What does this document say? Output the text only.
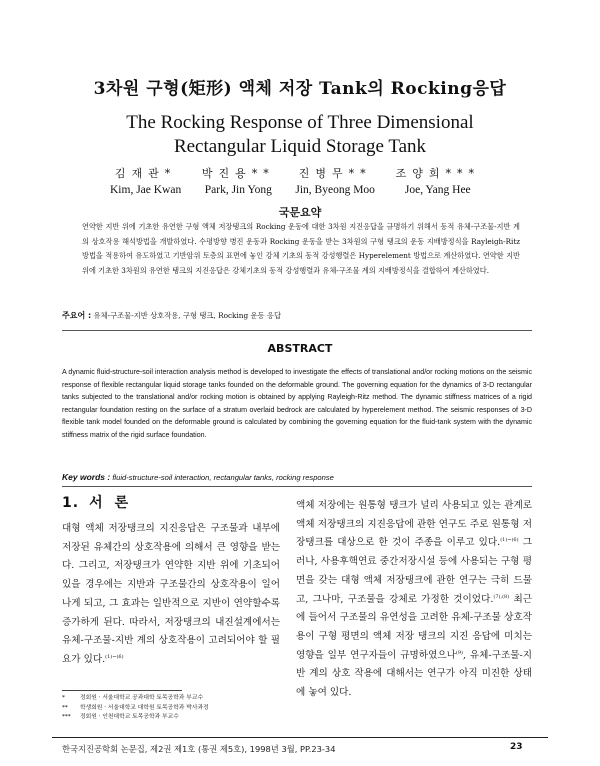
3차원 구형(矩形) 액체 저장 Tank의 Rocking응답
The Rocking Response of Three Dimensional
Rectangular Liquid Storage Tank
김재관*
Kim, Jae Kwan
박진용**
Park, Jin Yong
진병무**
Jin, Byeong Moo
조양희***
Joe, Yang Hee
국문요약
연약한 지반 위에 기초한 유연한 구형 액체 저장탱크의 Rocking 운동에 대한 3차원 지진응답을 규명하기 위해서 동적 유체-구조물-지반 계의 상호작용 해석방법을 개발하였다. 수평방향 병진 운동과 Rocking 운동을 받는 3차원의 구형 탱크의 운동 지배방정식을 Rayleigh-Ritz 방법을 적용하여 유도하였고 기반암위 토층의 표면에 놓인 강체 기초의 동적 강성행렬은 Hyperelement 방법으로 계산하였다. 연약한 지반 위에 기초한 3차원의 유연한 탱크의 지진응답은 강체기초의 동적 강성행렬과 유체-구조물 계의 지배방정식을 결합하여 계산하였다.
주요어 : 유체-구조물-지반 상호작용, 구형 탱크, Rocking 운동 응답
ABSTRACT
A dynamic fluid-structure-soil interaction analysis method is developed to investigate the effects of translational and/or rocking motions on the seismic response of flexible rectangular liquid storage tanks founded on the deformable ground. The governing equation for the dynamics of 3-D rectangular tanks subjected to the translational and/or rocking motion is obtained by applying Rayleigh-Ritz method. The dynamic stiffness matrices of a rigid rectangular foundation resting on the surface of a stratum overlaid bedrock are calculated by hyperelement method. The seismic responses of 3-D flexible tank model founded on the deformable ground is calculated by combining the governing equation for the fluid-tank system with the dynamic stiffness matrix of the rigid surface foundation.
Key words : fluid-structure-soil interaction, rectangular tanks, rocking response
1. 서론
대형 액체 저장탱크의 지진응답은 구조물과 내부에 저장된 유체간의 상호작용에 의해서 큰 영향을 받는다. 그리고, 저장탱크가 연약한 지반 위에 기초되어 있을 경우에는 지반과 구조물간의 상호작용이 일어나게 되고, 그 효과는 일반적으로 지반이 연약할수록 증가하게 된다. 따라서, 저장탱크의 내진설계에서는 유체-구조물-지반 계의 상호작용이 고려되어야 할 필요가 있다.$^{(1)\sim(6)}$
액체 저장에는 원통형 탱크가 널리 사용되고 있는 관계로 액체 저장탱크의 지진응답에 관한 연구도 주로 원통형 저장탱크를 대상으로 한 것이 주종을 이루고 있다.$^{(1)\sim(6)}$ 그러나, 사용후핵연료 중간저장시설 등에 사용되는 구형 평면을 갖는 대형 액체 저장탱크에 관한 연구는 극히 드물고, 그나마, 구조물을 강체로 가정한 것이었다.$^{(7),(8)}$ 최근에 들어서 구조물의 유연성을 고려한 유체-구조물 상호작용이 구형 평면의 액체 저장 탱크의 지진 응답에 미치는 영향을 일부 연구자들이 규명하였으나$^{(9)}$, 유체-구조물-지반 계의 상호 작용에 대해서는 연구가 아직 미진한 상태에 놓여 있다.
*	정회원 · 서울대학교 공과대학 토목공학과 부교수
**	학생회원 · 서울대학교 대학원 토목공학과 박사과정
***	정회원 · 인천대학교 토목공학과 부교수
한국지진공학회 논문집, 제2권 제1호 (통권 제5호), 1998년 3월, PP.23-34	23
